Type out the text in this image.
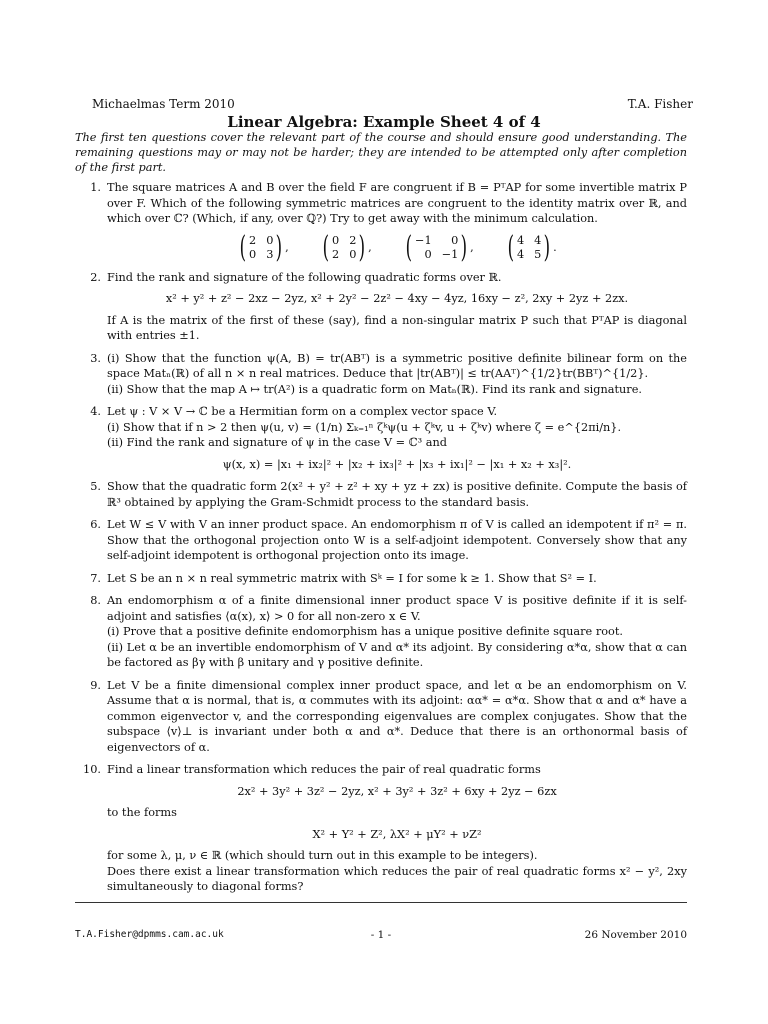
Michaelmas Term 2010	T.A. Fisher
Linear Algebra: Example Sheet 4 of 4
The first ten questions cover the relevant part of the course and should ensure good understanding. The remaining questions may or may not be harder; they are intended to be attempted only after completion of the first part.
1. The square matrices A and B over the field F are congruent if B = PᵀAP for some invertible matrix P over F. Which of the following symmetric matrices are congruent to the identity matrix over ℝ, and which over ℂ? (Which, if any, over ℚ?) Try to get away with the minimum calculation.
( 2 0
0 3 ) ,
( 0 2
2 0 ) ,
( −1	0
0 −1 ) ,
( 4 4
4 5 ) .
2. Find the rank and signature of the following quadratic forms over ℝ.
x² + y² + z² − 2xz − 2yz, x² + 2y² − 2z² − 4xy − 4yz, 16xy − z², 2xy + 2yz + 2zx.
If A is the matrix of the first of these (say), find a non-singular matrix P such that PᵀAP is diagonal with entries ±1.
3. (i) Show that the function ψ(A, B) = tr(ABᵀ) is a symmetric positive definite bilinear form on the space Matₙ(ℝ) of all n × n real matrices. Deduce that |tr(ABᵀ)| ≤ tr(AAᵀ)^{1/2}tr(BBᵀ)^{1/2}.
(ii) Show that the map A ↦ tr(A²) is a quadratic form on Matₙ(ℝ). Find its rank and signature.
4. Let ψ : V × V → ℂ be a Hermitian form on a complex vector space V.
(i) Show that if n > 2 then ψ(u, v) = (1/n) Σₖ₌₁ⁿ ζᵏψ(u + ζᵏv, u + ζᵏv) where ζ = e^{2πi/n}.
(ii) Find the rank and signature of ψ in the case V = ℂ³ and
ψ(x, x) = |x₁ + ix₂|² + |x₂ + ix₃|² + |x₃ + ix₁|² − |x₁ + x₂ + x₃|².
5. Show that the quadratic form 2(x² + y² + z² + xy + yz + zx) is positive definite. Compute the basis of ℝ³ obtained by applying the Gram-Schmidt process to the standard basis.
6. Let W ≤ V with V an inner product space. An endomorphism π of V is called an idempotent if π² = π. Show that the orthogonal projection onto W is a self-adjoint idempotent. Conversely show that any self-adjoint idempotent is orthogonal projection onto its image.
7. Let S be an n × n real symmetric matrix with Sᵏ = I for some k ≥ 1. Show that S² = I.
8. An endomorphism α of a finite dimensional inner product space V is positive definite if it is self-adjoint and satisfies ⟨α(x), x⟩ > 0 for all non-zero x ∈ V.
(i) Prove that a positive definite endomorphism has a unique positive definite square root.
(ii) Let α be an invertible endomorphism of V and α* its adjoint. By considering α*α, show that α can be factored as βγ with β unitary and γ positive definite.
9. Let V be a finite dimensional complex inner product space, and let α be an endomorphism on V. Assume that α is normal, that is, α commutes with its adjoint: αα* = α*α. Show that α and α* have a common eigenvector v, and the corresponding eigenvalues are complex conjugates. Show that the subspace ⟨v⟩⊥ is invariant under both α and α*. Deduce that there is an orthonormal basis of eigenvectors of α.
10. Find a linear transformation which reduces the pair of real quadratic forms
2x² + 3y² + 3z² − 2yz, x² + 3y² + 3z² + 6xy + 2yz − 6zx
to the forms
X² + Y² + Z², λX² + μY² + νZ²
for some λ, μ, ν ∈ ℝ (which should turn out in this example to be integers).
Does there exist a linear transformation which reduces the pair of real quadratic forms x² − y², 2xy simultaneously to diagonal forms?
T.A.Fisher@dpmms.cam.ac.uk	- 1 -	26 November 2010
